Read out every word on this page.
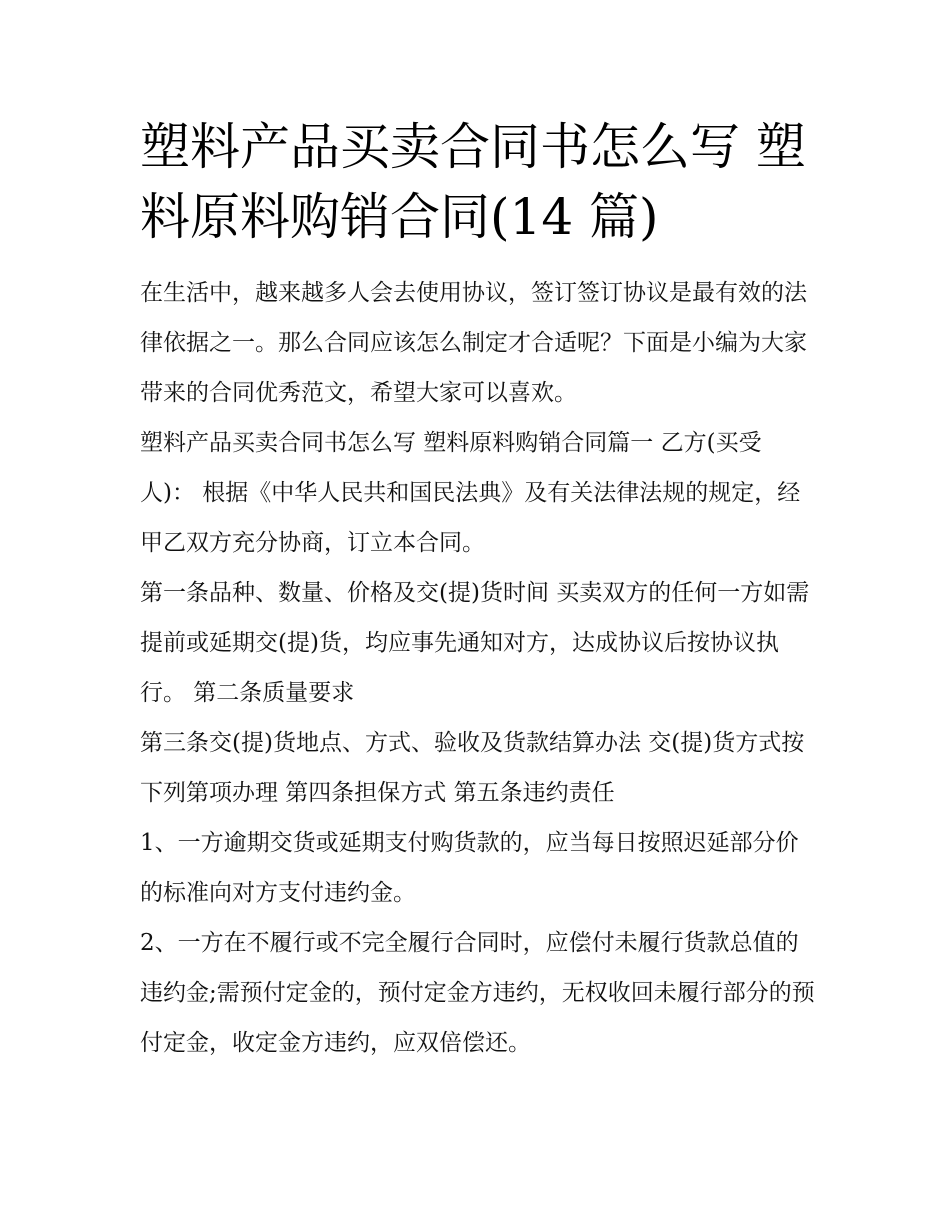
塑料产品买卖合同书怎么写 塑料原料购销合同(14 篇)

在生活中，越来越多人会去使用协议，签订签订协议是最有效的法律依据之一。那么合同应该怎么制定才合适呢？下面是小编为大家带来的合同优秀范文，希望大家可以喜欢。

塑料产品买卖合同书怎么写 塑料原料购销合同篇一 乙方(买受人)： 根据《中华人民共和国民法典》及有关法律法规的规定，经甲乙双方充分协商，订立本合同。

第一条品种、数量、价格及交(提)货时间 买卖双方的任何一方如需提前或延期交(提)货，均应事先通知对方，达成协议后按协议执行。 第二条质量要求

第三条交(提)货地点、方式、验收及货款结算办法 交(提)货方式按下列第项办理 第四条担保方式 第五条违约责任

1、一方逾期交货或延期支付购货款的，应当每日按照迟延部分价的标准向对方支付违约金。

2、一方在不履行或不完全履行合同时，应偿付未履行货款总值的违约金;需预付定金的，预付定金方违约，无权收回未履行部分的预付定金，收定金方违约，应双倍偿还。
